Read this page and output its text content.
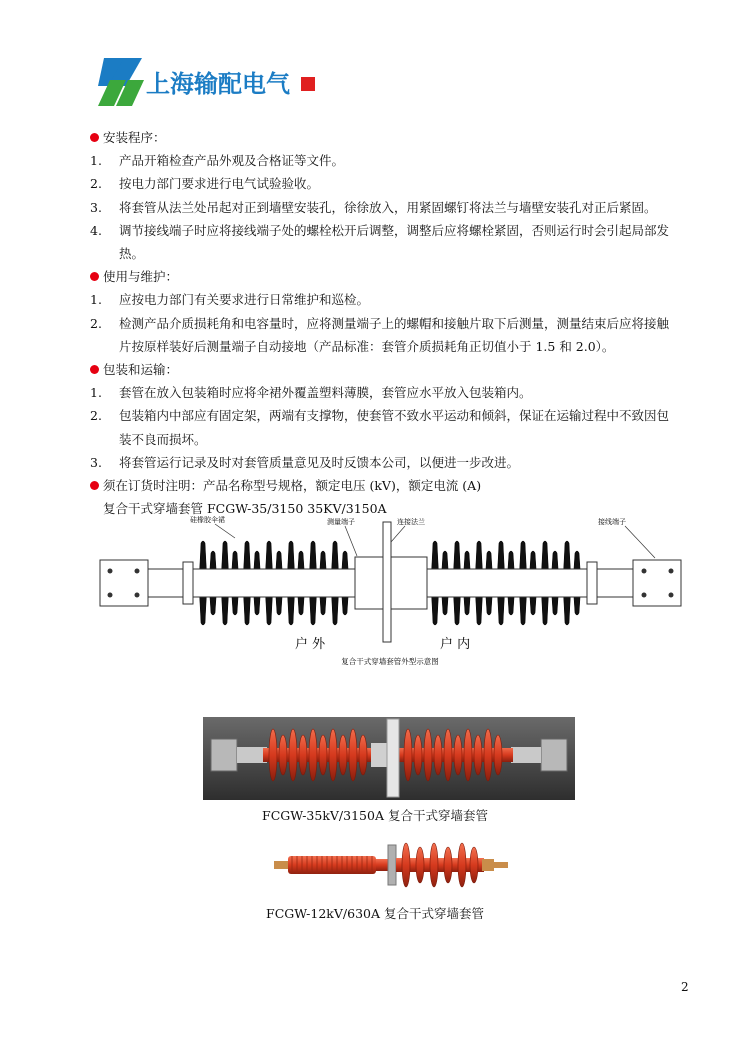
上海输配电气
安装程序：
1. 产品开箱检查产品外观及合格证等文件。
2. 按电力部门要求进行电气试验验收。
3. 将套管从法兰处吊起对正到墙壁安装孔，徐徐放入，用紧固螺钉将法兰与墙壁安装孔对正后紧固。
4. 调节接线端子时应将接线端子处的螺栓松开后调整，调整后应将螺栓紧固，否则运行时会引起局部发
热。
使用与维护：
1. 应按电力部门有关要求进行日常维护和巡检。
2. 检测产品介质损耗角和电容量时，应将测量端子上的螺帽和接触片取下后测量，测量结束后应将接触
片按原样装好后测量端子自动接地（产品标准：套管介质损耗角正切值小于 1.5 和 2.0）。
包装和运输：
1. 套管在放入包装箱时应将伞裙外覆盖塑料薄膜，套管应水平放入包装箱内。
2. 包装箱内中部应有固定架，两端有支撑物，使套管不致水平运动和倾斜，保证在运输过程中不致因包
装不良而损坏。
3. 将套管运行记录及时对套管质量意见及时反馈本公司，以便进一步改进。
须在订货时注明：产品名称型号规格，额定电压 (kV)，额定电流 (A)
复合干式穿墙套管 FCGW-35/3150 35KV/3150A
硅橡胶伞裙	测量端子	连接法兰	接线端子
户 外	户 内
复合干式穿墙套管外型示意图
FCGW-35kV/3150A 复合干式穿墙套管
FCGW-12kV/630A 复合干式穿墙套管
2
